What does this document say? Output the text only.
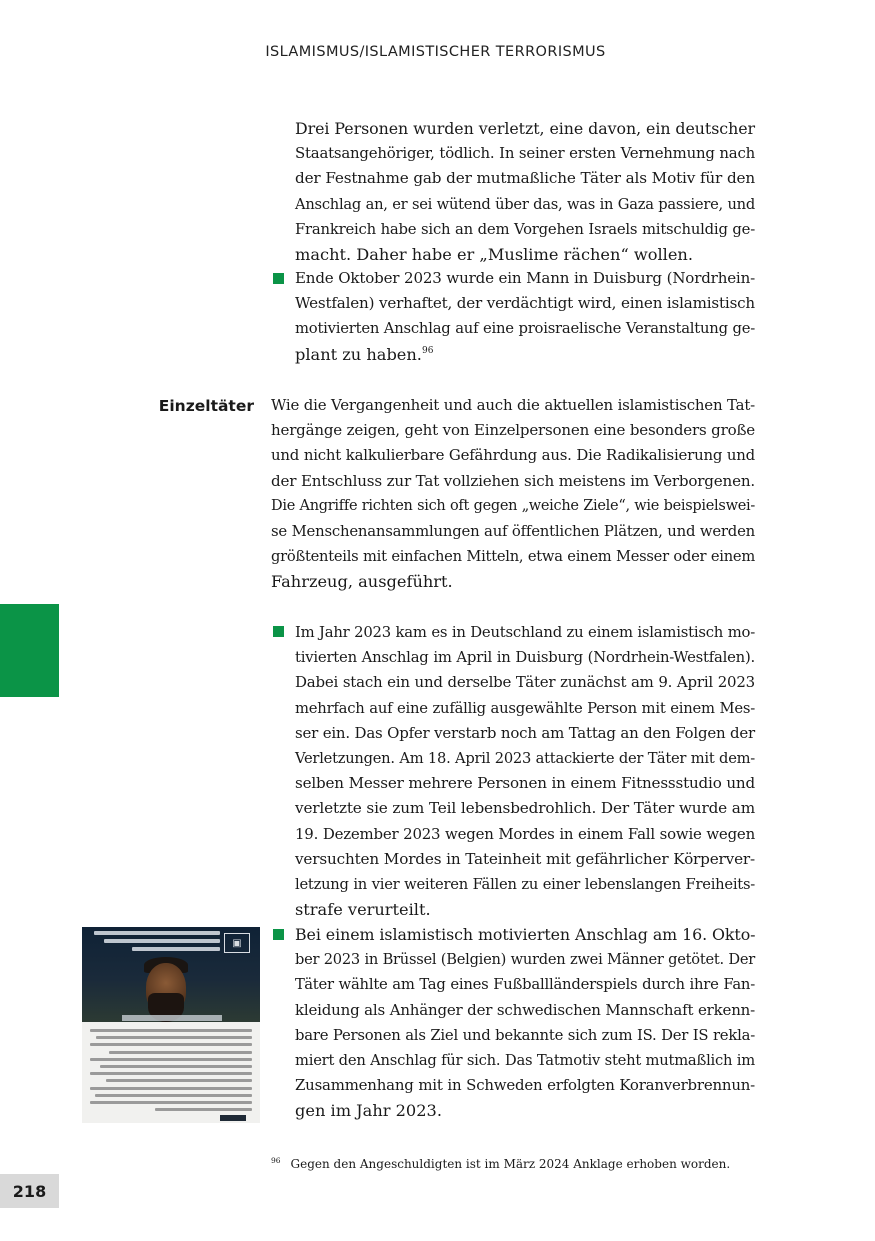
ISLAMISMUS/ISLAMISTISCHER TERRORISMUS
Drei Personen wurden verletzt, eine davon, ein deutscher
Staatsangehöriger, tödlich. In seiner ersten Vernehmung nach
der Festnahme gab der mutmaßliche Täter als Motiv für den
Anschlag an, er sei wütend über das, was in Gaza passiere, und
Frankreich habe sich an dem Vorgehen Israels mitschuldig ge-
macht. Daher habe er „Muslime rächen“ wollen.
Ende Oktober 2023 wurde ein Mann in Duisburg (Nordrhein-
Westfalen) verhaftet, der verdächtigt wird, einen islamistisch
motivierten Anschlag auf eine proisraelische Veranstaltung ge-
plant zu haben.$^{96}$
Einzeltäter Wie die Vergangenheit und auch die aktuellen islamistischen Tat-
hergänge zeigen, geht von Einzelpersonen eine besonders große
und nicht kalkulierbare Gefährdung aus. Die Radikalisierung und
der Entschluss zur Tat vollziehen sich meistens im Verborgenen.
Die Angriffe richten sich oft gegen „weiche Ziele“, wie beispielswei-
se Menschenansammlungen auf öffentlichen Plätzen, und werden
größtenteils mit einfachen Mitteln, etwa einem Messer oder einem
Fahrzeug, ausgeführt.
Im Jahr 2023 kam es in Deutschland zu einem islamistisch mo-
tivierten Anschlag im April in Duisburg (Nordrhein-Westfalen).
Dabei stach ein und derselbe Täter zunächst am 9. April 2023
mehrfach auf eine zufällig ausgewählte Person mit einem Mes-
ser ein. Das Opfer verstarb noch am Tattag an den Folgen der
Verletzungen. Am 18. April 2023 attackierte der Täter mit dem-
selben Messer mehrere Personen in einem Fitnessstudio und
verletzte sie zum Teil lebensbedrohlich. Der Täter wurde am
19. Dezember 2023 wegen Mordes in einem Fall sowie wegen
versuchten Mordes in Tateinheit mit gefährlicher Körperver-
letzung in vier weiteren Fällen zu einer lebenslangen Freiheits-
strafe verurteilt.
▣	Bei einem islamistisch motivierten Anschlag am 16. Okto-
ber 2023 in Brüssel (Belgien) wurden zwei Männer getötet. Der
Täter wählte am Tag eines Fußballländerspiels durch ihre Fan-
kleidung als Anhänger der schwedischen Mannschaft erkenn-
bare Personen als Ziel und bekannte sich zum IS. Der IS rekla-
miert den Anschlag für sich. Das Tatmotiv steht mutmaßlich im
Zusammenhang mit in Schweden erfolgten Koranverbrennun-
gen im Jahr 2023.
$^{96}$ Gegen den Angeschuldigten ist im März 2024 Anklage erhoben worden.
218
